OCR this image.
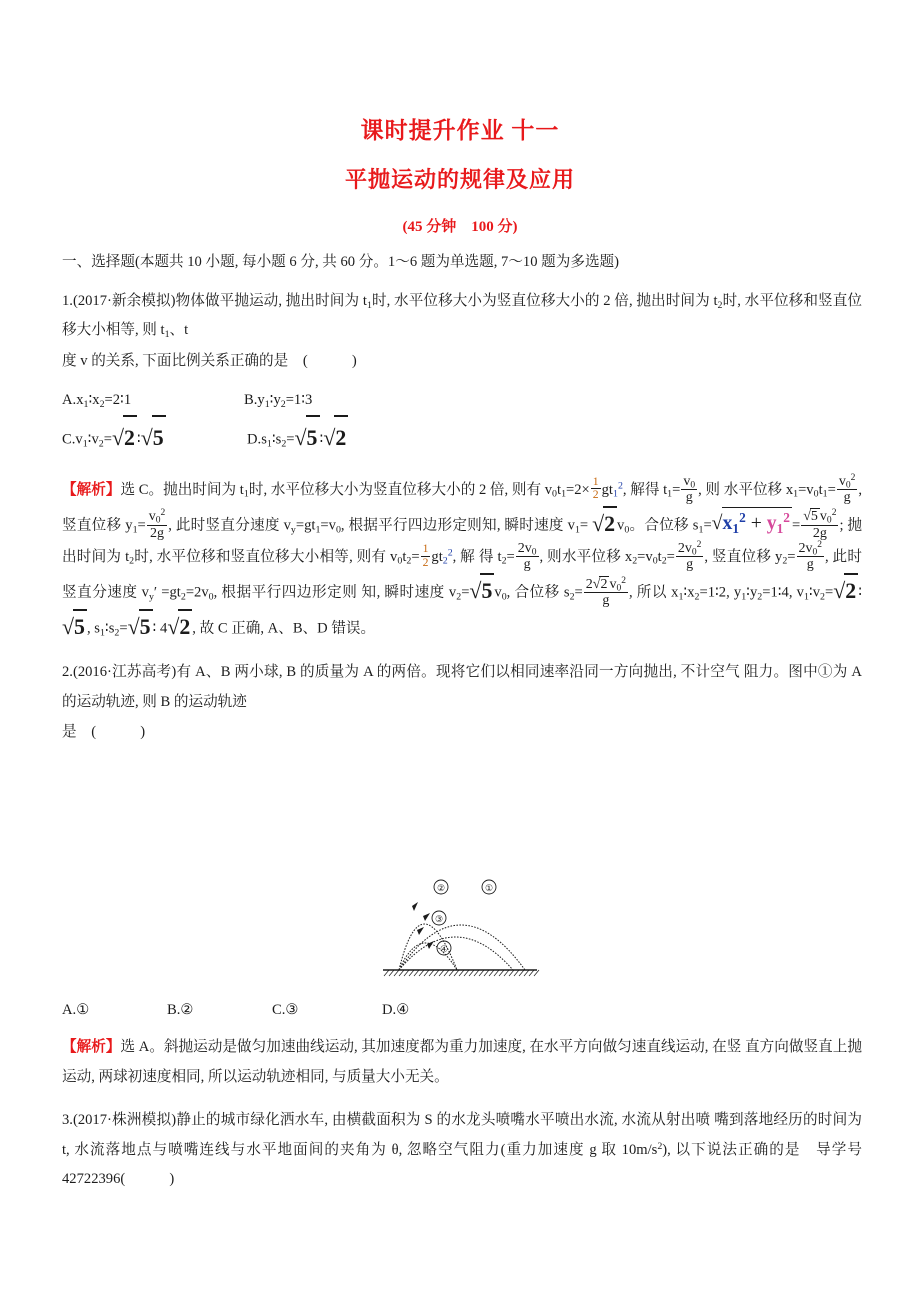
课时提升作业 十一
平抛运动的规律及应用
(45 分钟　100 分)

一、选择题(本题共 10 小题, 每小题 6 分, 共 60 分。1～6 题为单选题, 7～10 题为多选题)

1.(2017·新余模拟)物体做平抛运动, 抛出时间为 $t_1$时, 水平位移大小为竖直位移大小的 2 倍, 抛出时间为 $t_2$时, 水平位移和竖直位移大小相等, 则 $t_1$、t

度 v 的关系, 下面比例关系正确的是　 (　　)

$A.x_1∶x_2=2∶1$	$B.y_1∶y_2=1∶3$
$C.v_1∶v_2=√2$ ∶√5	$D.s_1∶s_2=√5$ ∶√2

【解析】选 C。抛出时间为 $t_1$时, 水平位移大小为竖直位移大小的 2 倍, 则有 $v_0t_1=2\times \frac{1}{2} gt_1^2$, 解得 $t_1= \frac{v_0}{g}$ , 则 水平位移 $x_1=v_0t_1= \frac{v_0^2}{g}$ , 竖直位移 $y_1= \frac{v_0^2}{2g}$ , 此时竖直分速度 $v_y=gt_1=v_0$, 根据平行四边形定则知, 瞬时速度 $v_1= √2$ $v_0$。合位移 $s_1=√x_1^2 + y_1^2 = \frac{√5 v_0^2}{2g}$ ; 抛出时间为 $t_2$时, 水平位移和竖直位移大小相等, 则有 $v_0t_2= \frac{1}{2} gt_2^2$, 解 得 $t_2= \frac{2v_0}{g}$ , 则水平位移 $x_2=v_0t_2= \frac{2v_0^2}{g}$ , 竖直位移 $y_2= \frac{2v_0^2}{g}$ , 此时竖直分速度 $v_y' =gt_2=2v_0$, 根据平行四边形定则 知, 瞬时速度 $v_2=√5$ $v_0$, 合位移 $s_2= \frac{2√2 v_0^2}{g}$ , 所以 $x_1∶x_2=1∶2$, $y_1∶y_2=1∶4$, $v_1∶v_2=√2$ ∶√5 , $s_1∶s_2=√5$ ∶ 4√2 , 故 C 正确, A、B、D 错误。

2.(2016·江苏高考)有 A、B 两小球, B 的质量为 A 的两倍。现将它们以相同速率沿同一方向抛出, 不计空气 阻力。图中①为 A 的运动轨迹, 则 B 的运动轨迹

是　 (　　)

②	①
③
④
A.①	B.②	C.③	D.④

【解析】选 A。斜抛运动是做匀加速曲线运动, 其加速度都为重力加速度, 在水平方向做匀速直线运动, 在竖 直方向做竖直上抛运动, 两球初速度相同, 所以运动轨迹相同, 与质量大小无关。

3.(2017·株洲模拟)静止的城市绿化洒水车, 由横截面积为 S 的水龙头喷嘴水平喷出水流, 水流从射出喷 嘴到落地经历的时间为 t, 水流落地点与喷嘴连线与水平地面间的夹角为 θ, 忽略空气阻力(重力加速度 g 取 $10m/s^2$), 以下说法正确的是　 导学号 42722396(　　)
